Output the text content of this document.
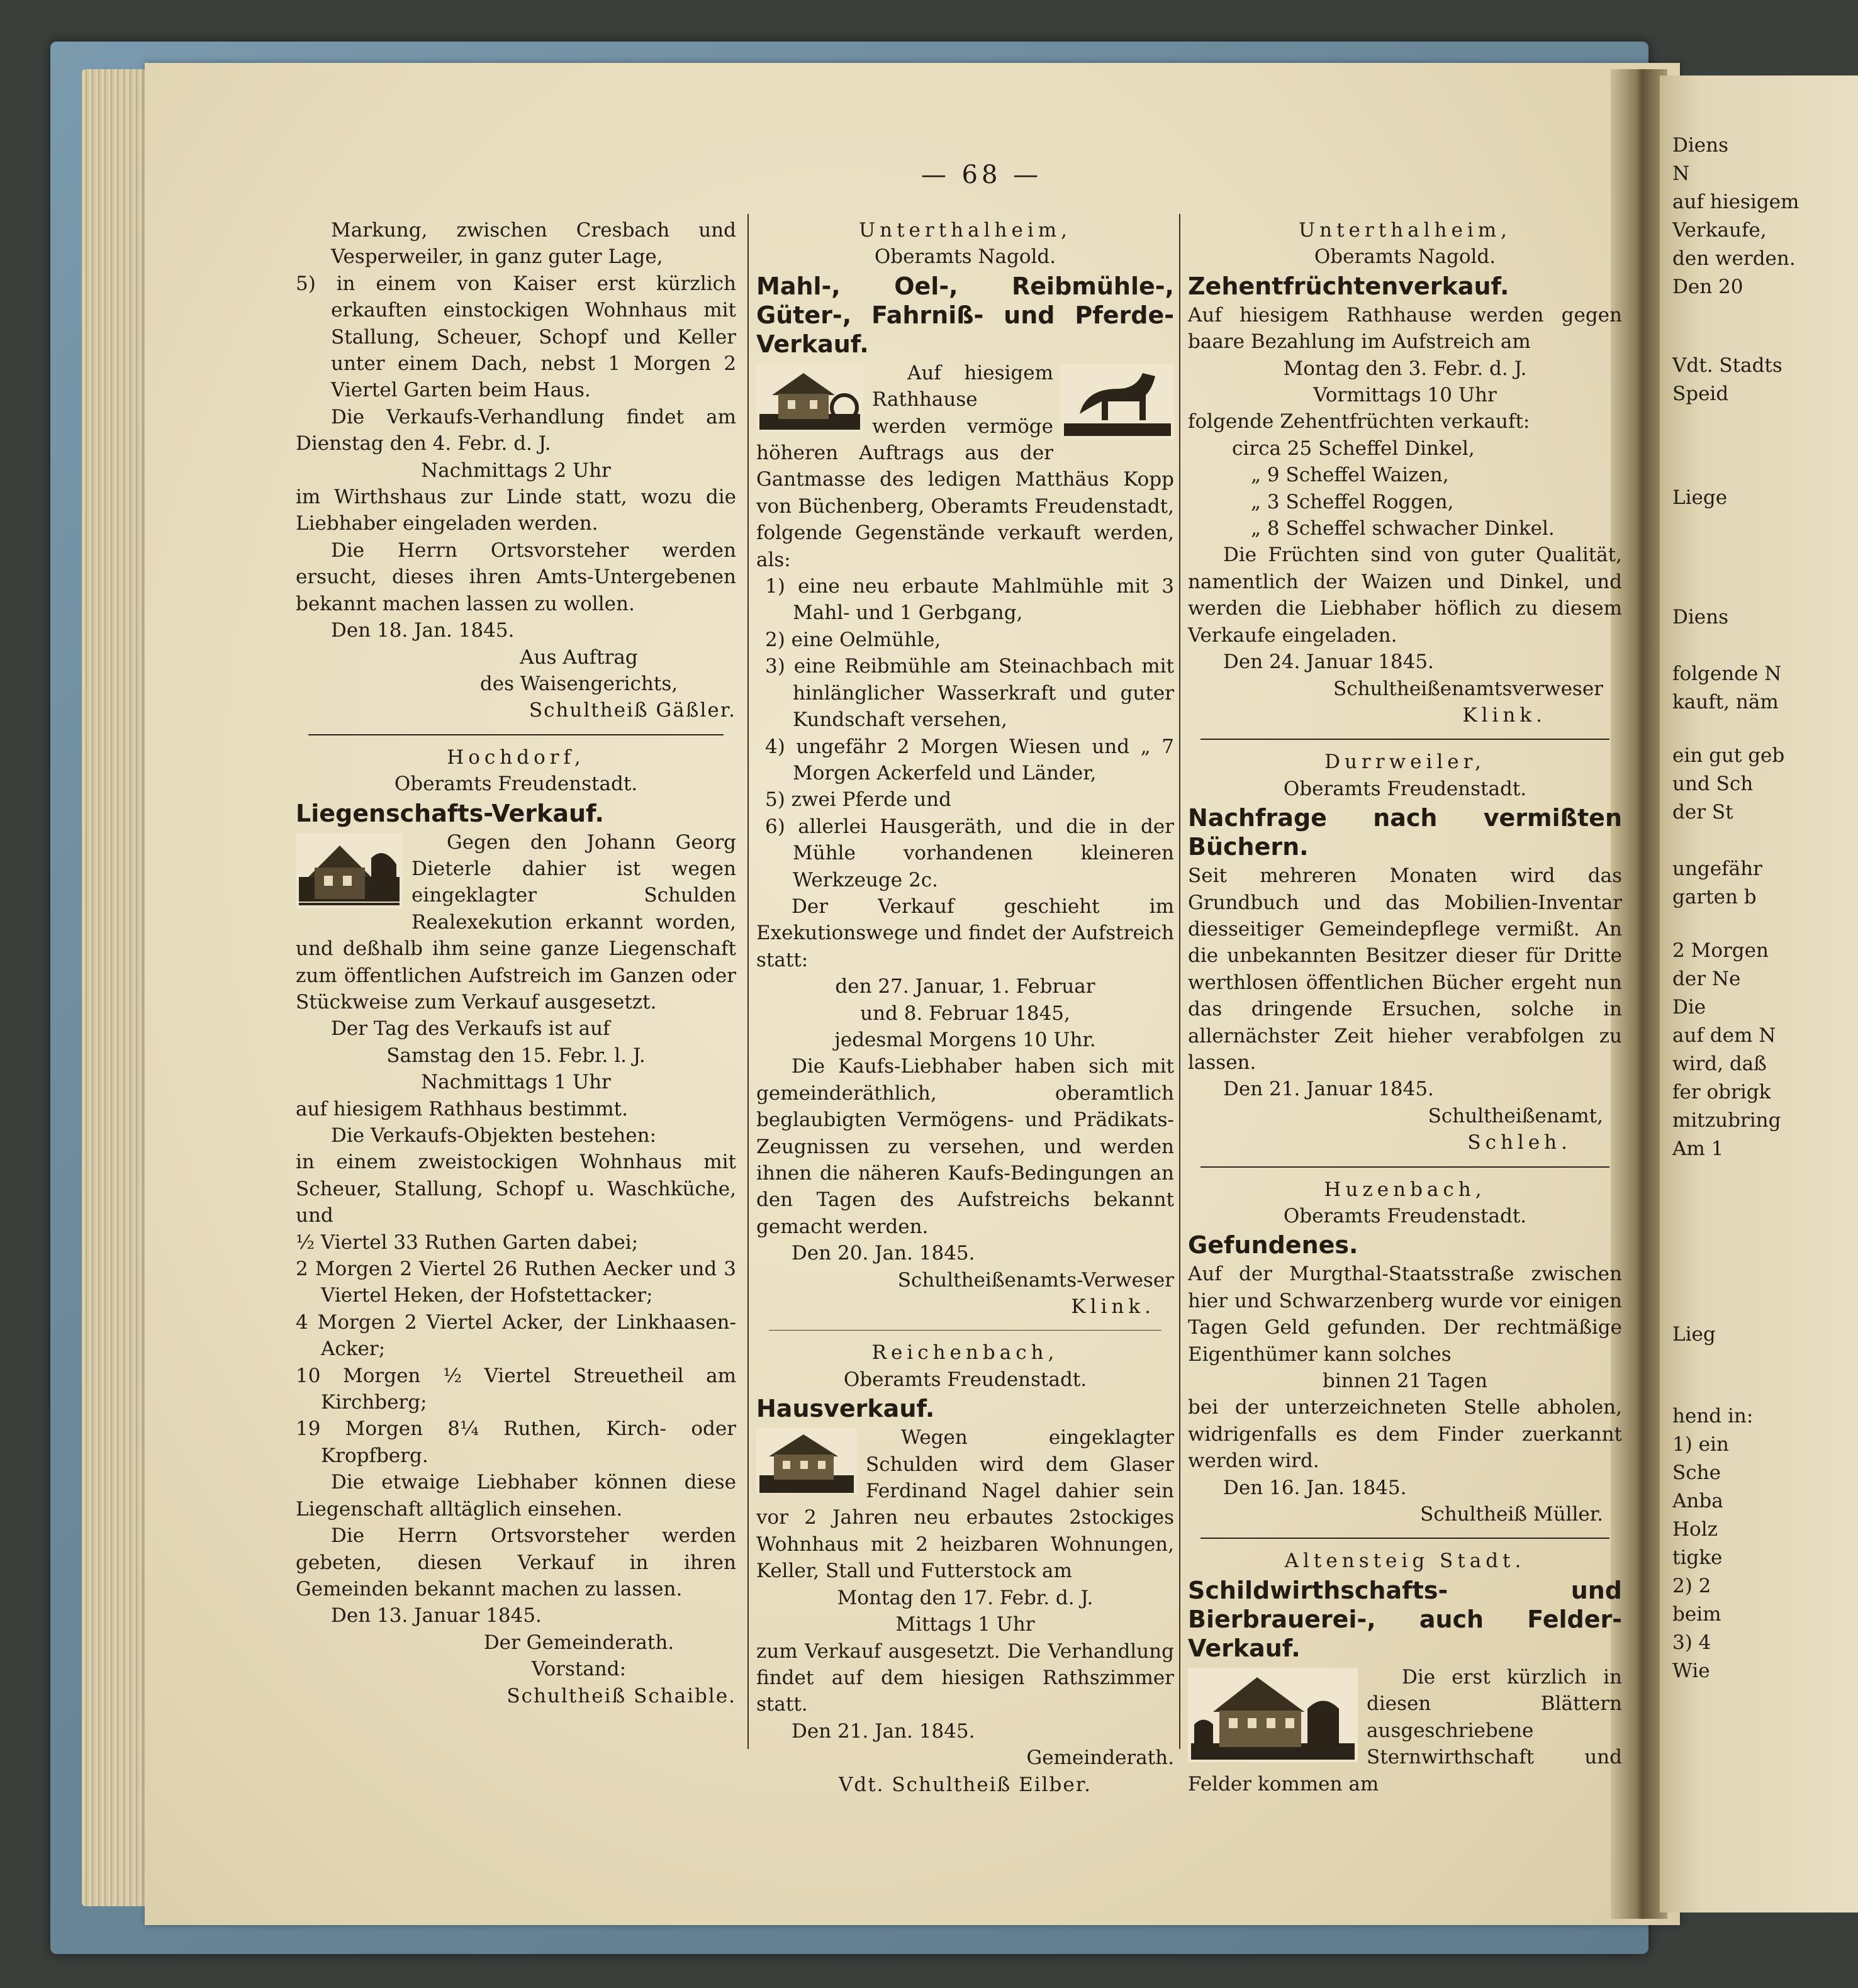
Diens
N
auf hiesigem
Verkaufe,
den werden.
Den 20
Vdt. Stadts
Speid
Liege
Diens
folgende N
kauft, näm
ein gut geb
und Sch
der St
ungefähr
garten b
2 Morgen
der Ne
Die
auf dem N
wird, daß
fer obrigk
mitzubring
Am 1
Lieg
hend in:
1) ein
Sche
Anba
Holz
tigke
2) 2
beim
3) 4
Wie
— 68 —

Markung, zwischen Cresbach und Vesperweiler, in ganz guter Lage,

5) in einem von Kaiser erst kürzlich erkauften einstockigen Wohnhaus mit Stallung, Scheuer, Schopf und Keller unter einem Dach, nebst 1 Morgen 2 Viertel Garten beim Haus.

Die Verkaufs-Verhandlung findet am Dienstag den 4. Febr. d. J.

Nachmittags 2 Uhr

im Wirthshaus zur Linde statt, wozu die Liebhaber eingeladen werden.

Die Herrn Ortsvorsteher werden ersucht, dieses ihren Amts-Untergebenen bekannt machen lassen zu wollen.

Den 18. Jan. 1845.

Aus Auftrag

des Waisengerichts,

Schultheiß Gäßler.

Hochdorf,

Oberamts Freudenstadt.

Liegenschafts-Verkauf.

Gegen den Johann Georg Dieterle dahier ist wegen eingeklagter Schulden Realexekution erkannt worden, und deßhalb ihm seine ganze Liegenschaft zum öffentlichen Aufstreich im Ganzen oder Stückweise zum Verkauf ausgesetzt.

Der Tag des Verkaufs ist auf

Samstag den 15. Febr. l. J.

Nachmittags 1 Uhr

auf hiesigem Rathhaus bestimmt.

Die Verkaufs-Objekten bestehen:

in einem zweistockigen Wohnhaus mit Scheuer, Stallung, Schopf u. Waschküche, und

½ Viertel 33 Ruthen Garten dabei;

2 Morgen 2 Viertel 26 Ruthen Aecker und 3 Viertel Heken, der Hofstettacker;

4 Morgen 2 Viertel Acker, der Linkhaasen-Acker;

10 Morgen ½ Viertel Streuetheil am Kirchberg;

19 Morgen 8¼ Ruthen, Kirch- oder Kropfberg.

Die etwaige Liebhaber können diese Liegenschaft alltäglich einsehen.

Die Herrn Ortsvorsteher werden gebeten, diesen Verkauf in ihren Gemeinden bekannt machen zu lassen.

Den 13. Januar 1845.

Der Gemeinderath.

Vorstand:

Schultheiß Schaible.

Unterthalheim,

Oberamts Nagold.

Mahl-, Oel-, Reibmühle-, Güter-, Fahrniß- und Pferde-Verkauf.

Auf hiesigem Rathhause werden vermöge höheren Auftrags aus der Gantmasse des ledigen Matthäus Kopp von Büchenberg, Oberamts Freudenstadt, folgende Gegenstände verkauft werden, als:

1) eine neu erbaute Mahlmühle mit 3 Mahl- und 1 Gerbgang,

2) eine Oelmühle,

3) eine Reibmühle am Steinachbach mit hinlänglicher Wasserkraft und guter Kundschaft versehen,

4) ungefähr 2 Morgen Wiesen und „ 7 Morgen Ackerfeld und Länder,

5) zwei Pferde und

6) allerlei Hausgeräth, und die in der Mühle vorhandenen kleineren Werkzeuge 2c.

Der Verkauf geschieht im Exekutionswege und findet der Aufstreich statt:

den 27. Januar, 1. Februar

und 8. Februar 1845,

jedesmal Morgens 10 Uhr.

Die Kaufs-Liebhaber haben sich mit gemeinderäthlich, oberamtlich beglaubigten Vermögens- und Prädikats-Zeugnissen zu versehen, und werden ihnen die näheren Kaufs-Bedingungen an den Tagen des Aufstreichs bekannt gemacht werden.

Den 20. Jan. 1845.

Schultheißenamts-Verweser

Klink.

Reichenbach,

Oberamts Freudenstadt.

Hausverkauf.

Wegen eingeklagter Schulden wird dem Glaser Ferdinand Nagel dahier sein vor 2 Jahren neu erbautes 2stockiges Wohnhaus mit 2 heizbaren Wohnungen, Keller, Stall und Futterstock am

Montag den 17. Febr. d. J.

Mittags 1 Uhr

zum Verkauf ausgesetzt. Die Verhandlung findet auf dem hiesigen Rathszimmer statt.

Den 21. Jan. 1845.

Gemeinderath.

Vdt. Schultheiß Eilber.

Unterthalheim,

Oberamts Nagold.

Zehentfrüchtenverkauf.

Auf hiesigem Rathhause werden gegen baare Bezahlung im Aufstreich am

Montag den 3. Febr. d. J.

Vormittags 10 Uhr

folgende Zehentfrüchten verkauft:

circa 25 Scheffel Dinkel,

„ 9 Scheffel Waizen,

„ 3 Scheffel Roggen,

„ 8 Scheffel schwacher Dinkel.

Die Früchten sind von guter Qualität, namentlich der Waizen und Dinkel, und werden die Liebhaber höflich zu diesem Verkaufe eingeladen.

Den 24. Januar 1845.

Schultheißenamtsverweser

Klink.

Durrweiler,

Oberamts Freudenstadt.

Nachfrage nach vermißten Büchern.

Seit mehreren Monaten wird das Grundbuch und das Mobilien-Inventar diesseitiger Gemeindepflege vermißt. An die unbekannten Besitzer dieser für Dritte werthlosen öffentlichen Bücher ergeht nun das dringende Ersuchen, solche in allernächster Zeit hieher verabfolgen zu lassen.

Den 21. Januar 1845.

Schultheißenamt,

Schleh.

Huzenbach,

Oberamts Freudenstadt.

Gefundenes.

Auf der Murgthal-Staatsstraße zwischen hier und Schwarzenberg wurde vor einigen Tagen Geld gefunden. Der rechtmäßige Eigenthümer kann solches

binnen 21 Tagen

bei der unterzeichneten Stelle abholen, widrigenfalls es dem Finder zuerkannt werden wird.

Den 16. Jan. 1845.

Schultheiß Müller.

Altensteig Stadt.

Schildwirthschafts- und Bierbrauerei-, auch Felder-Verkauf.

Die erst kürzlich in diesen Blättern ausgeschriebene Sternwirthschaft und Felder kommen am
